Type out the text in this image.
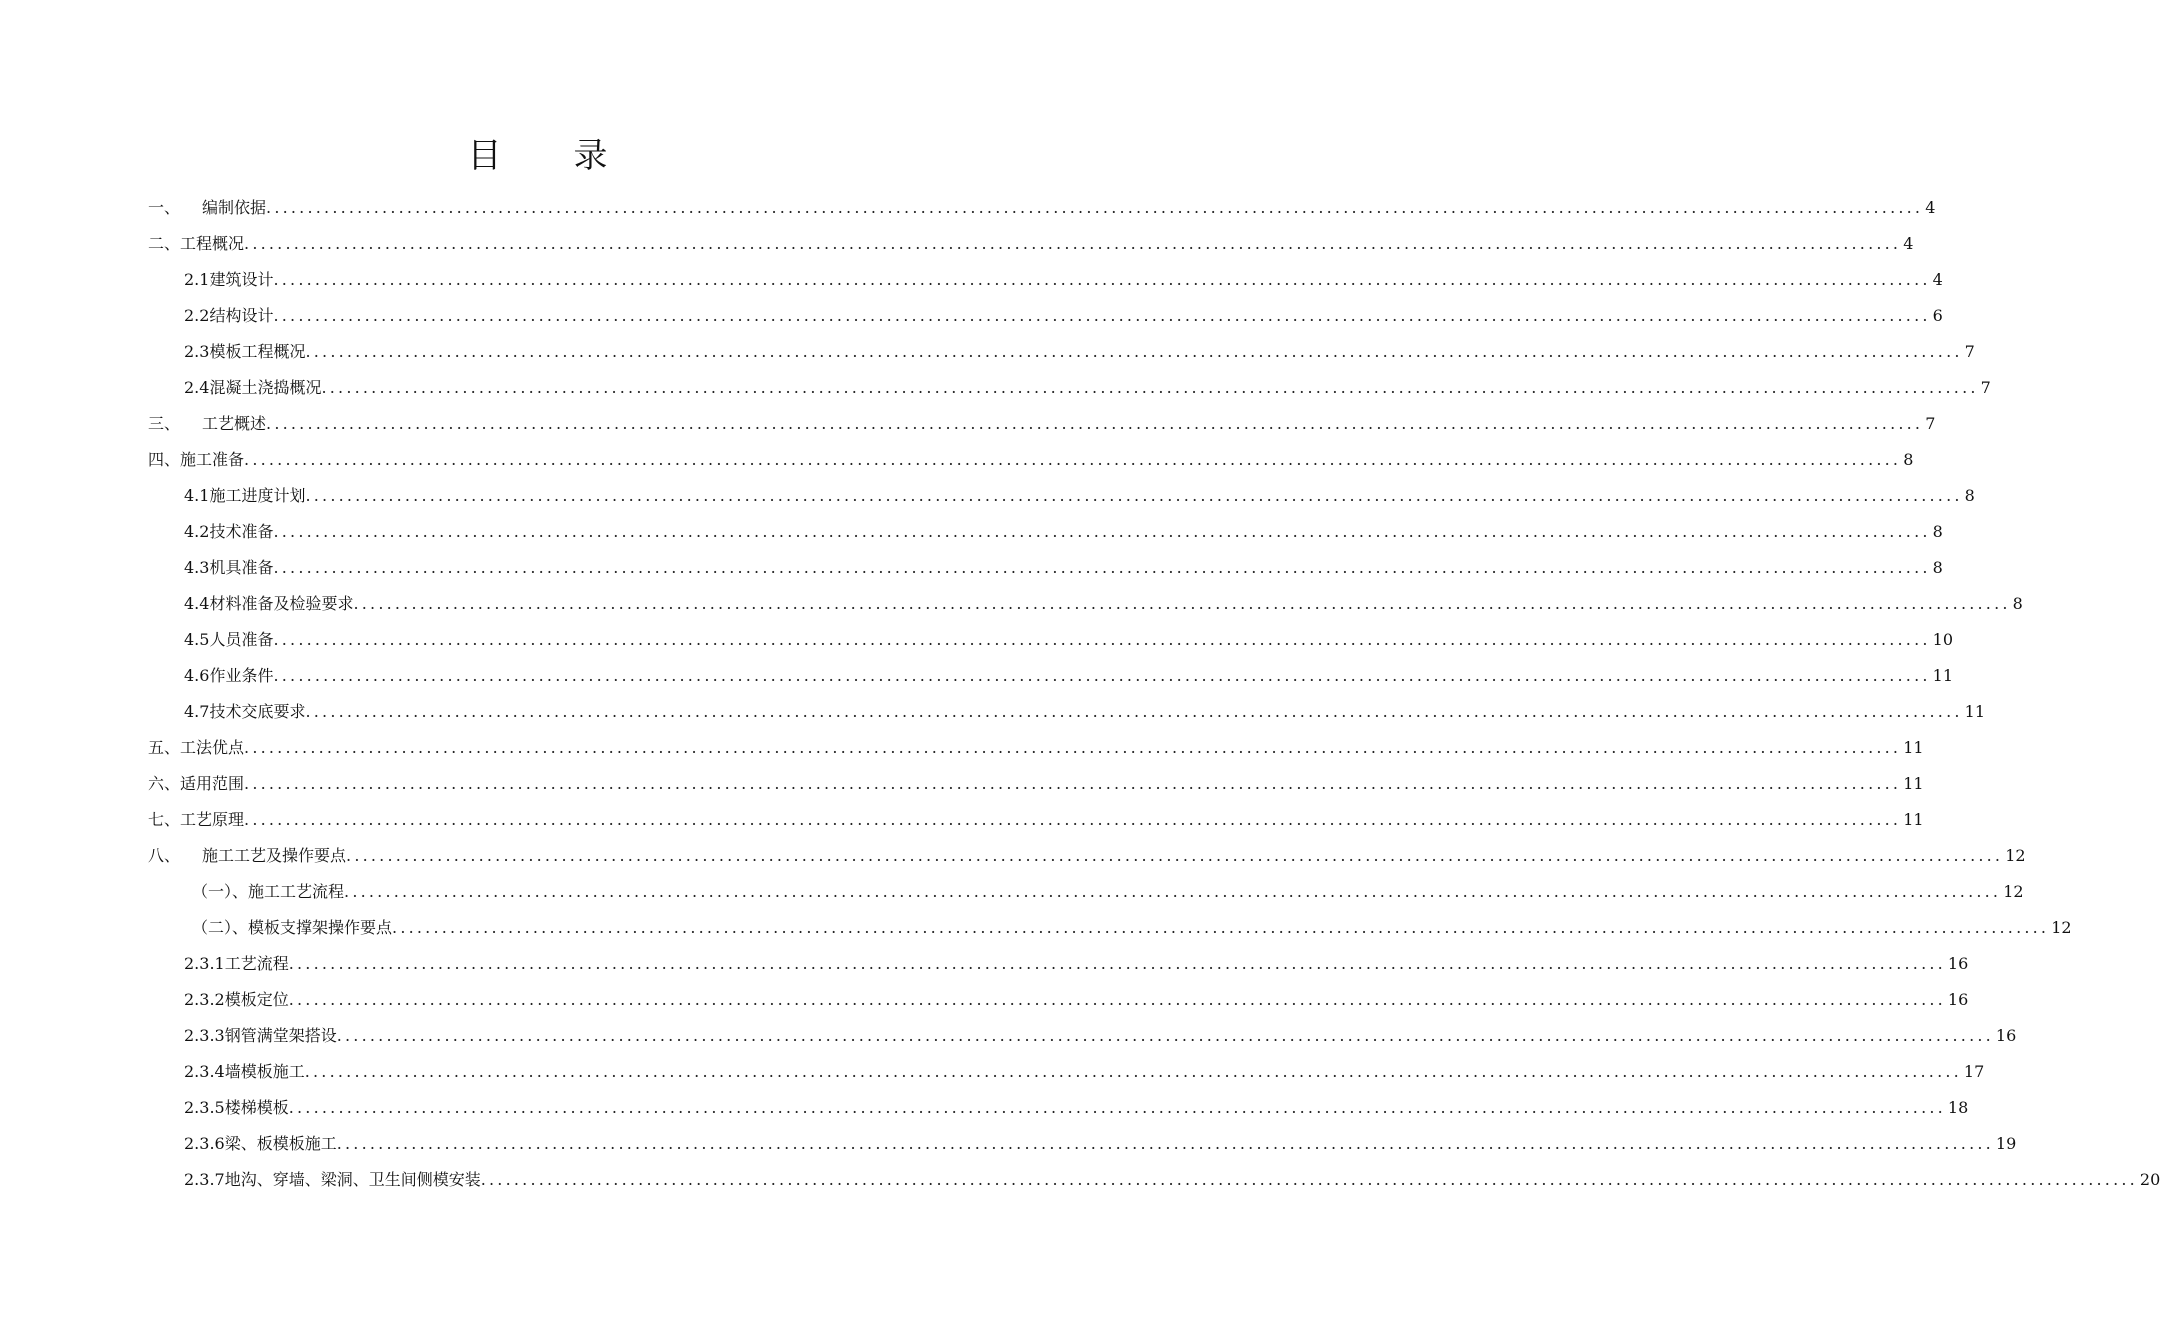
目 录
一、 编制依据 ........................................................................................................................................................................................................ 4
二、工程概况 ........................................................................................................................................................................................................ 4
2.1建筑设计 ........................................................................................................................................................................................................ 4
2.2结构设计 ........................................................................................................................................................................................................ 6
2.3模板工程概况 ........................................................................................................................................................................................................ 7
2.4混凝土浇捣概况 ........................................................................................................................................................................................................ 7
三、 工艺概述 ........................................................................................................................................................................................................ 7
四、施工准备 ........................................................................................................................................................................................................ 8
4.1施工进度计划 ........................................................................................................................................................................................................ 8
4.2技术准备 ........................................................................................................................................................................................................ 8
4.3机具准备 ........................................................................................................................................................................................................ 8
4.4材料准备及检验要求 ........................................................................................................................................................................................................ 8
4.5人员准备 ........................................................................................................................................................................................................ 10
4.6作业条件 ........................................................................................................................................................................................................ 11
4.7技术交底要求 ........................................................................................................................................................................................................ 11
五、工法优点 ........................................................................................................................................................................................................ 11
六、适用范围 ........................................................................................................................................................................................................ 11
七、工艺原理 ........................................................................................................................................................................................................ 11
八、 施工工艺及操作要点 ........................................................................................................................................................................................................ 12
（一）、施工工艺流程 ........................................................................................................................................................................................................ 12
（二）、模板支撑架操作要点 ........................................................................................................................................................................................................ 12
2.3.1工艺流程 ........................................................................................................................................................................................................ 16
2.3.2模板定位 ........................................................................................................................................................................................................ 16
2.3.3钢管满堂架搭设 ........................................................................................................................................................................................................ 16
2.3.4墙模板施工 ........................................................................................................................................................................................................ 17
2.3.5楼梯模板 ........................................................................................................................................................................................................ 18
2.3.6梁、板模板施工 ........................................................................................................................................................................................................ 19
2.3.7地沟、穿墙、梁洞、卫生间侧模安装 ........................................................................................................................................................................................................ 20
